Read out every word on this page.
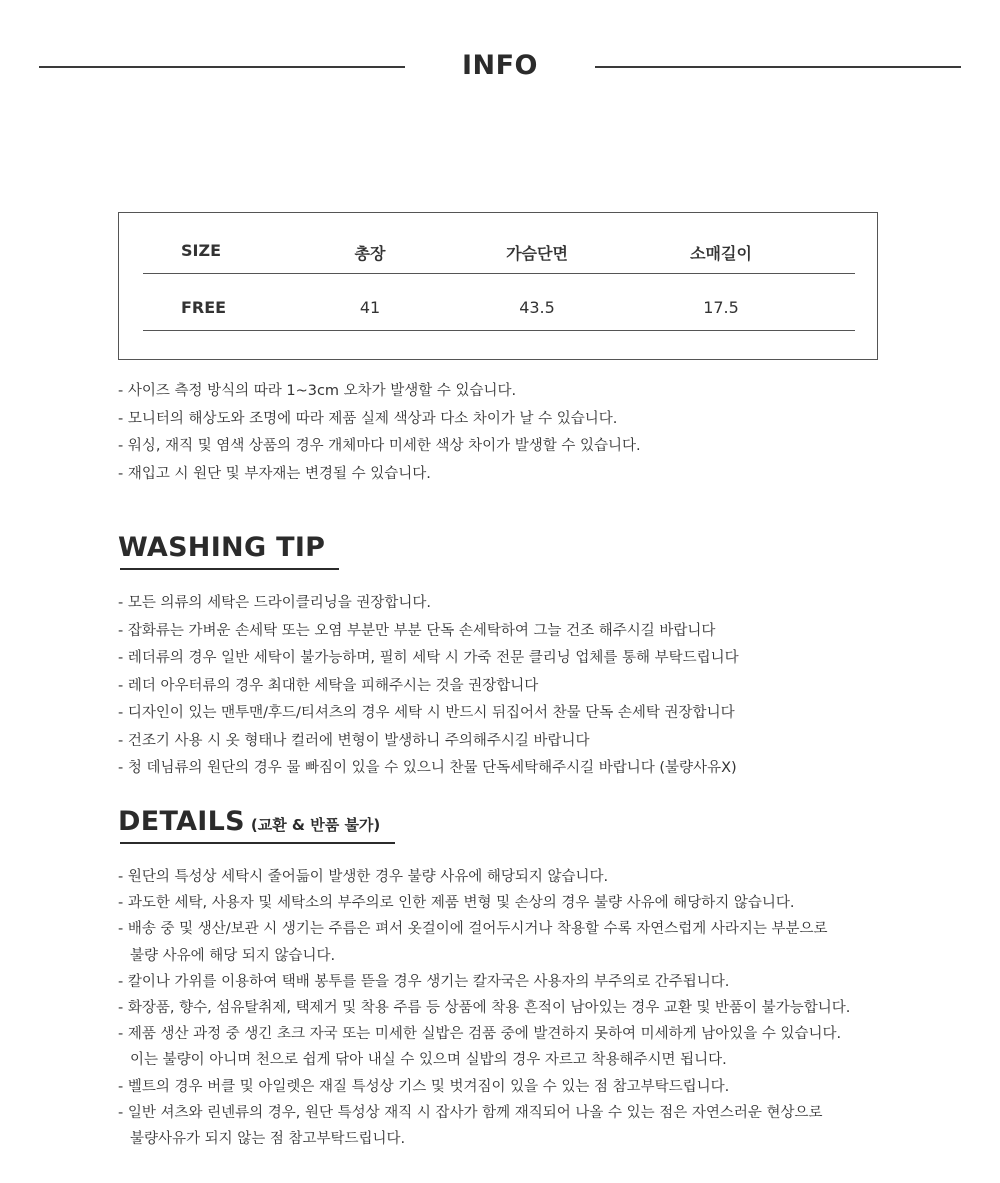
INFO
SIZE	총장	가슴단면	소매길이
FREE	41	43.5	17.5
- 사이즈 측정 방식의 따라 1~3cm 오차가 발생할 수 있습니다.
- 모니터의 해상도와 조명에 따라 제품 실제 색상과 다소 차이가 날 수 있습니다.
- 워싱, 재직 및 염색 상품의 경우 개체마다 미세한 색상 차이가 발생할 수 있습니다.
- 재입고 시 원단 및 부자재는 변경될 수 있습니다.
WASHING TIP
- 모든 의류의 세탁은 드라이클리닝을 권장합니다.
- 잡화류는 가벼운 손세탁 또는 오염 부분만 부분 단독 손세탁하여 그늘 건조 해주시길 바랍니다
- 레더류의 경우 일반 세탁이 불가능하며, 필히 세탁 시 가죽 전문 클리닝 업체를 통해 부탁드립니다
- 레더 아우터류의 경우 최대한 세탁을 피해주시는 것을 권장합니다
- 디자인이 있는 맨투맨/후드/티셔츠의 경우 세탁 시 반드시 뒤집어서 찬물 단독 손세탁 권장합니다
- 건조기 사용 시 옷 형태나 컬러에 변형이 발생하니 주의해주시길 바랍니다
- 청 데님류의 원단의 경우 물 빠짐이 있을 수 있으니 찬물 단독세탁해주시길 바랍니다 (불량사유X)
DETAILS (교환 & 반품 불가)
- 원단의 특성상 세탁시 줄어듦이 발생한 경우 불량 사유에 해당되지 않습니다.
- 과도한 세탁, 사용자 및 세탁소의 부주의로 인한 제품 변형 및 손상의 경우 불량 사유에 해당하지 않습니다.
- 배송 중 및 생산/보관 시 생기는 주름은 펴서 옷걸이에 걸어두시거나 착용할 수록 자연스럽게 사라지는 부분으로
불량 사유에 해당 되지 않습니다.
- 칼이나 가위를 이용하여 택배 봉투를 뜯을 경우 생기는 칼자국은 사용자의 부주의로 간주됩니다.
- 화장품, 향수, 섬유탈취제, 택제거 및 착용 주름 등 상품에 착용 흔적이 남아있는 경우 교환 및 반품이 불가능합니다.
- 제품 생산 과정 중 생긴 초크 자국 또는 미세한 실밥은 검품 중에 발견하지 못하여 미세하게 남아있을 수 있습니다.
이는 불량이 아니며 천으로 쉽게 닦아 내실 수 있으며 실밥의 경우 자르고 착용해주시면 됩니다.
- 벨트의 경우 버클 및 아일렛은 재질 특성상 기스 및 벗겨짐이 있을 수 있는 점 참고부탁드립니다.
- 일반 셔츠와 린넨류의 경우, 원단 특성상 재직 시 잡사가 함께 재직되어 나올 수 있는 점은 자연스러운 현상으로
불량사유가 되지 않는 점 참고부탁드립니다.
